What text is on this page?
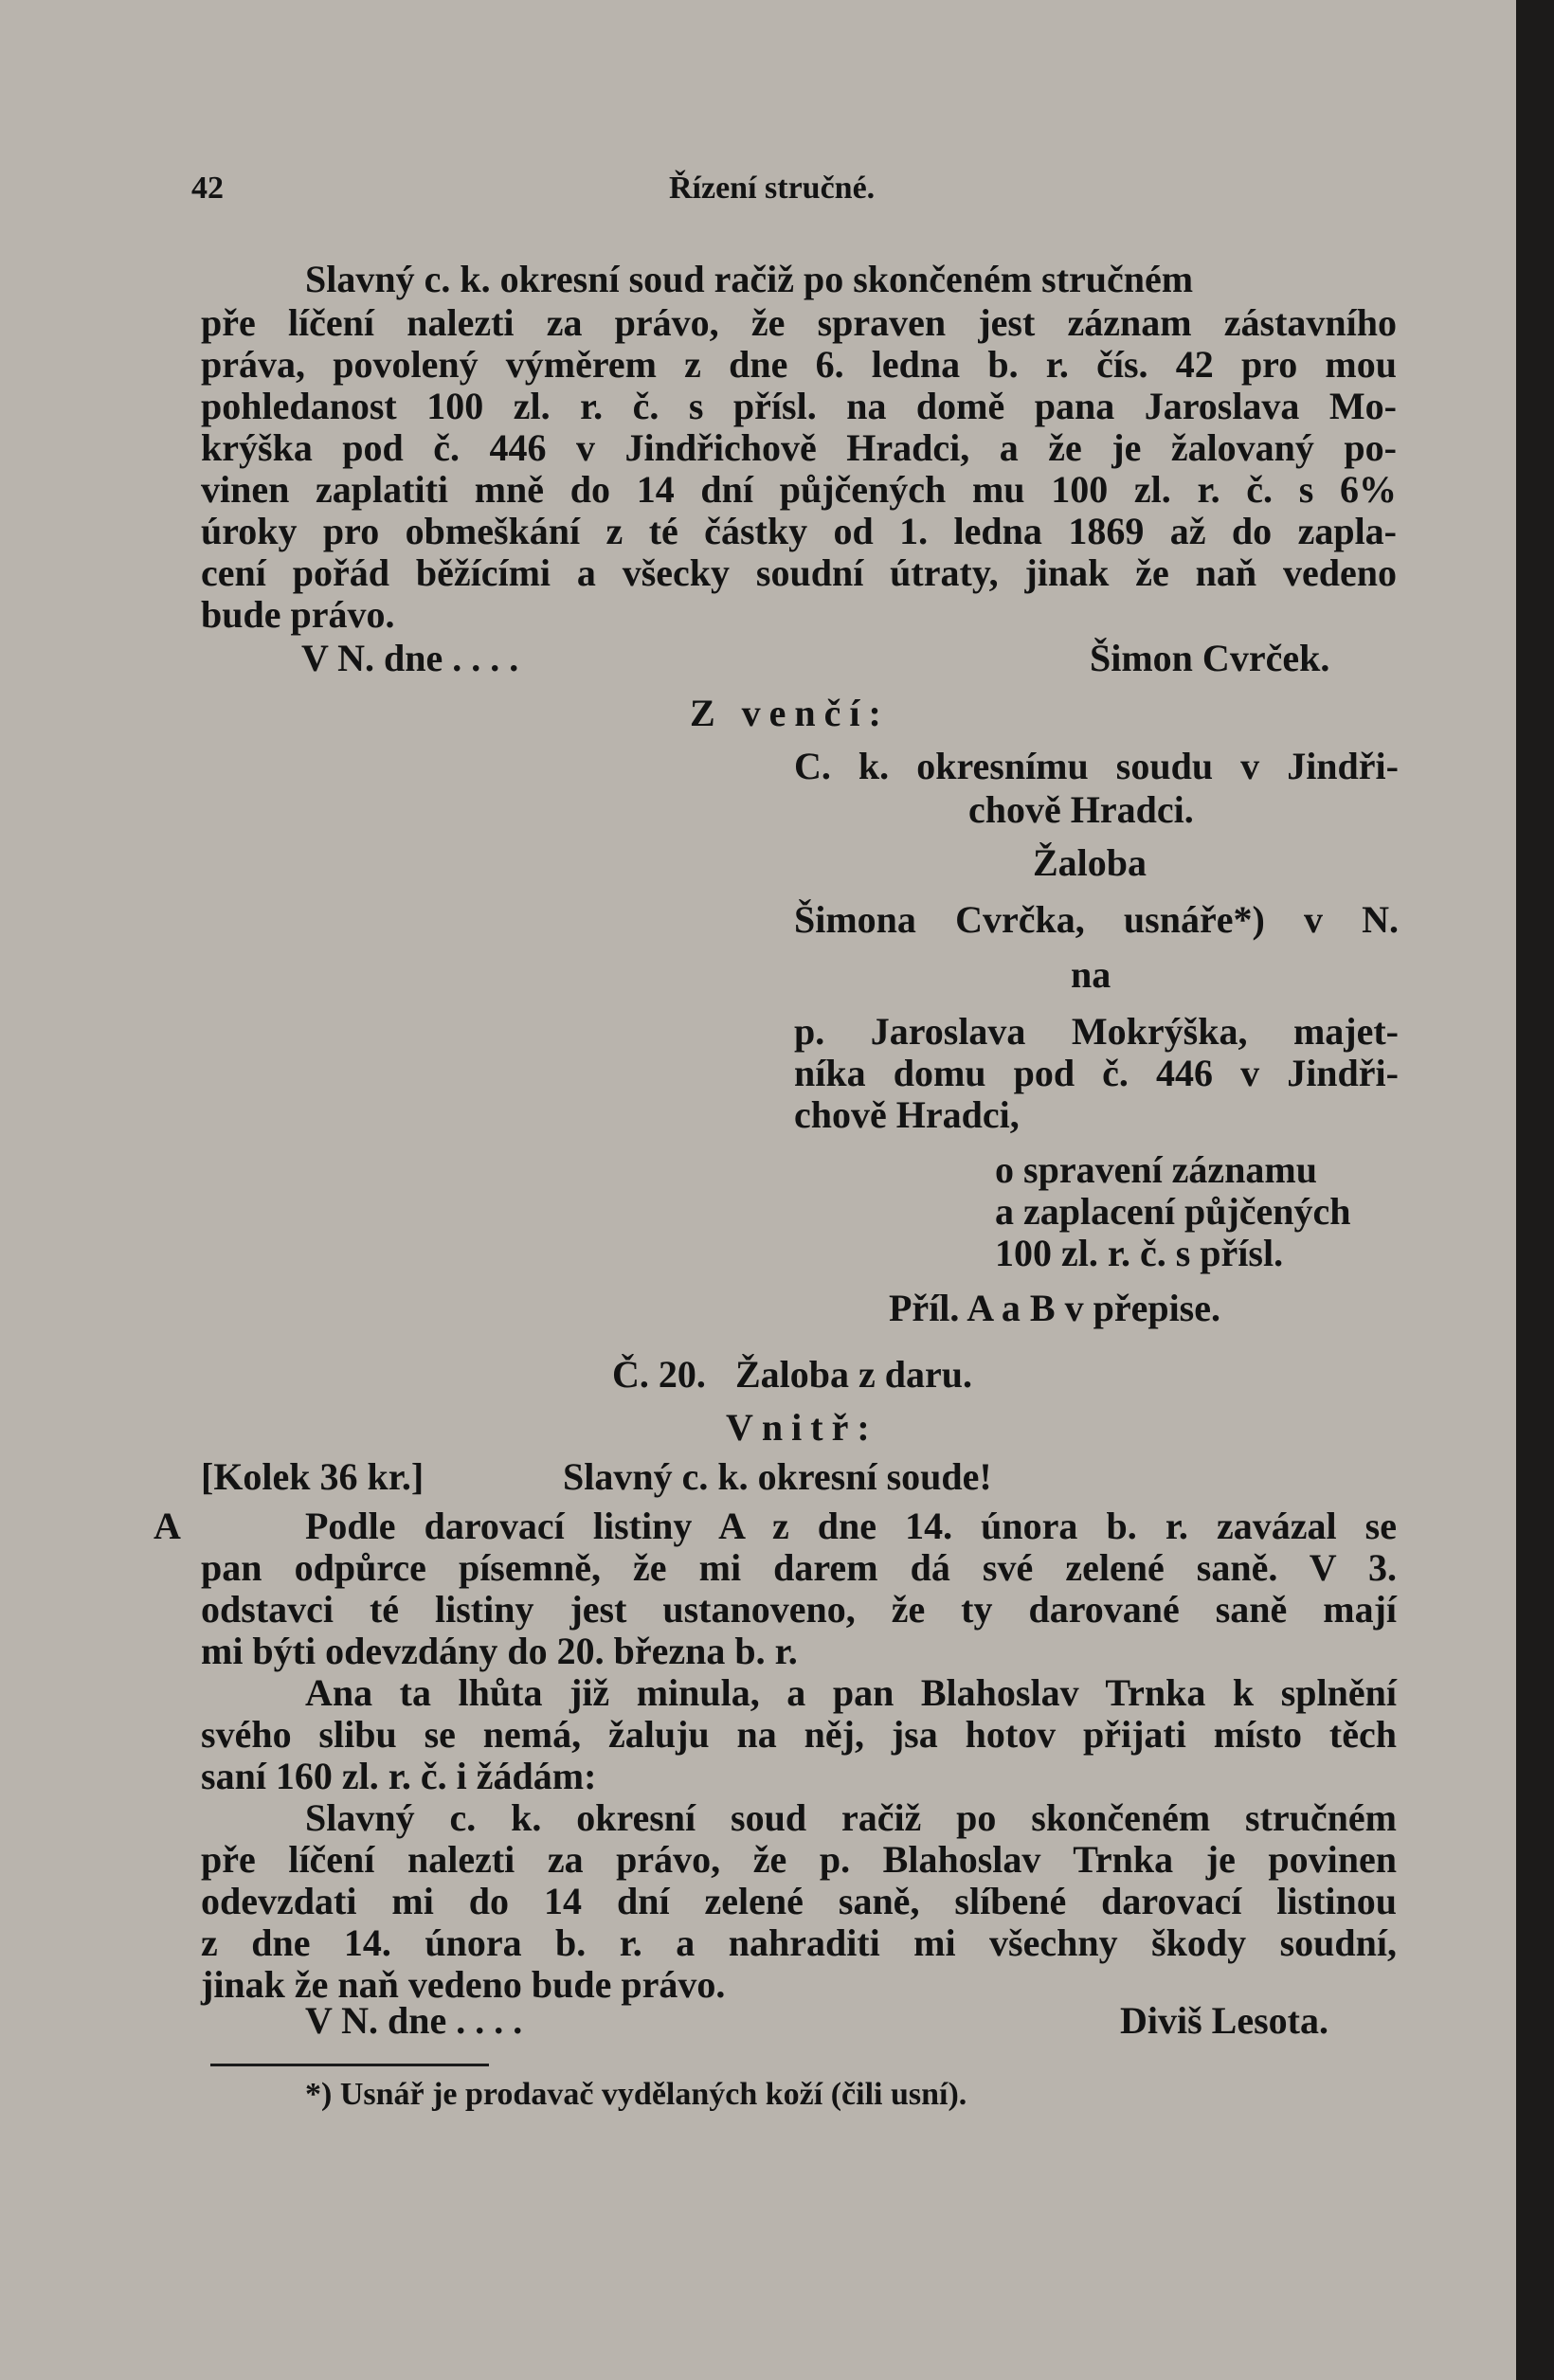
42	Řízení stručné.
Slavný c. k. okresní soud račiž po skončeném stručném
pře líčení nalezti za právo, že spraven jest záznam zástavního
práva, povolený výměrem z dne 6. ledna b. r. čís. 42 pro mou
pohledanost 100 zl. r. č. s přísl. na domě pana Jaroslava Mo-
krýška pod č. 446 v Jindřichově Hradci, a že je žalovaný po-
vinen zaplatiti mně do 14 dní půjčených mu 100 zl. r. č. s 6%
úroky pro obmeškání z té částky od 1. ledna 1869 až do zapla-
cení pořád běžícími a všecky soudní útraty, jinak že naň vedeno
bude právo.
V N. dne . . . .	Šimon Cvrček.
Z venčí:
C. k. okresnímu soudu v Jindři-
chově Hradci.
Žaloba
Šimona Cvrčka, usnáře*) v N.
na
p. Jaroslava Mokrýška, majet-
níka domu pod č. 446 v Jindři-
chově Hradci,
o spravení záznamu
a zaplacení půjčených
100 zl. r. č. s přísl.
Příl. A a B v přepise.
Č. 20. Žaloba z daru.
Vnitř:
[Kolek 36 kr.]	Slavný c. k. okresní soude!
A	Podle darovací listiny A z dne 14. února b. r. zavázal se
pan odpůrce písemně, že mi darem dá své zelené saně. V 3.
odstavci té listiny jest ustanoveno, že ty darované saně mají
mi býti odevzdány do 20. března b. r.
Ana ta lhůta již minula, a pan Blahoslav Trnka k splnění
svého slibu se nemá, žaluju na něj, jsa hotov přijati místo těch
saní 160 zl. r. č. i žádám:
Slavný c. k. okresní soud račiž po skončeném stručném
pře líčení nalezti za právo, že p. Blahoslav Trnka je povinen
odevzdati mi do 14 dní zelené saně, slíbené darovací listinou
z dne 14. února b. r. a nahraditi mi všechny škody soudní,
jinak že naň vedeno bude právo.
V N. dne . . . .	Diviš Lesota.
*) Usnář je prodavač vydělaných koží (čili usní).
